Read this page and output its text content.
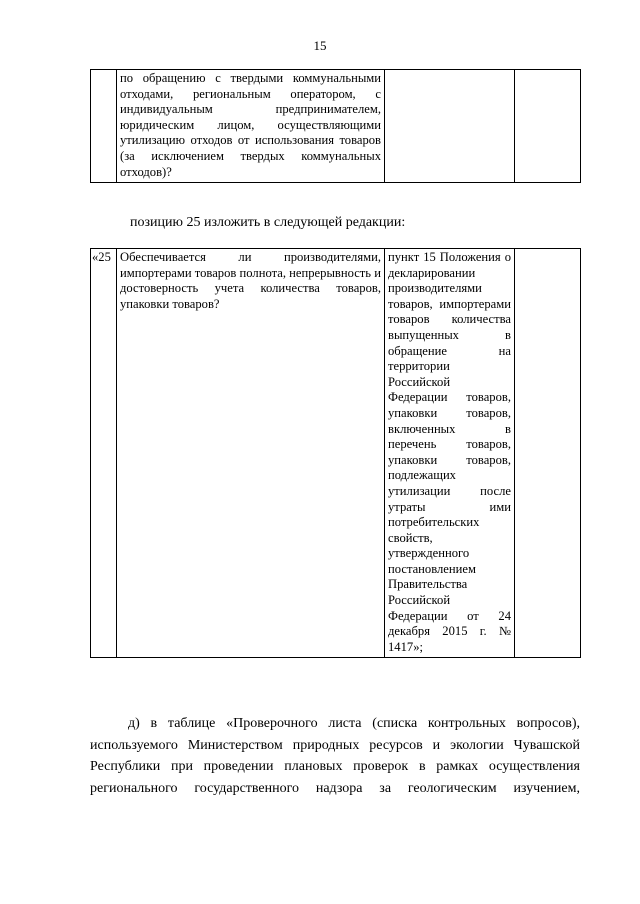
15
	по обращению с твердыми коммунальными отходами, региональным оператором, с индивидуальным предпринимателем, юридическим лицом, осуществляющими утилизацию отходов от использования товаров (за исключением твердых коммунальных отходов)?		
позицию 25 изложить в следующей редакции:
«25	Обеспечивается ли производителями, импортерами товаров полнота, непрерывность и достоверность учета количества товаров, упаковки товаров?	пункт 15 Положения о декларировании производителями товаров, импортерами товаров количества выпущенных в обращение на территории Российской Федерации товаров, упаковки товаров, включенных в перечень товаров, упаковки товаров, подлежащих утилизации после утраты ими потребительских свойств, утвержденного постановлением Правительства Российской Федерации от 24 декабря 2015 г. № 1417»;	
д) в таблице «Проверочного листа (списка контрольных вопросов), используемого Министерством природных ресурсов и экологии Чувашской Республики при проведении плановых проверок в рамках осуществления регионального государственного надзора за геологическим изучением,
